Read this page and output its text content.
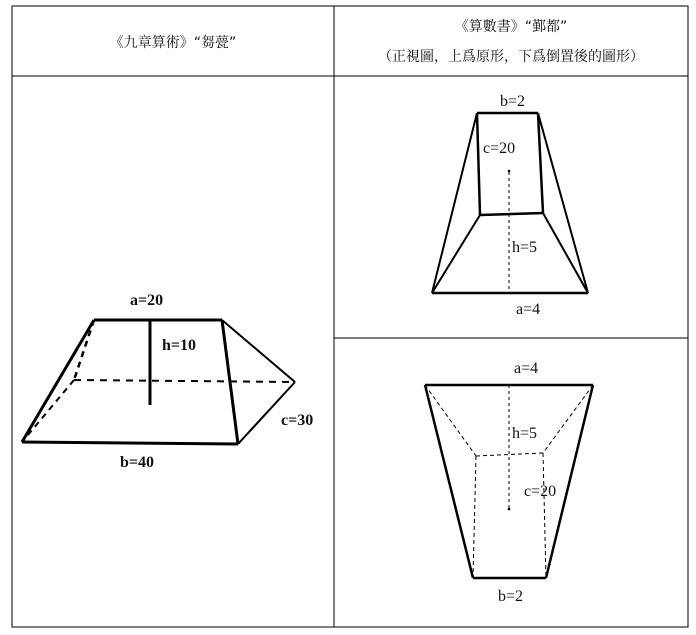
《九章算術》“芻甍”
《算數書》“鄞都”
（正視圖，上爲原形，下爲倒置後的圖形）
a=20
h=10
c=30
b=40
b=2
c=20
h=5
a=4
a=4
h=5
c=20
b=2
